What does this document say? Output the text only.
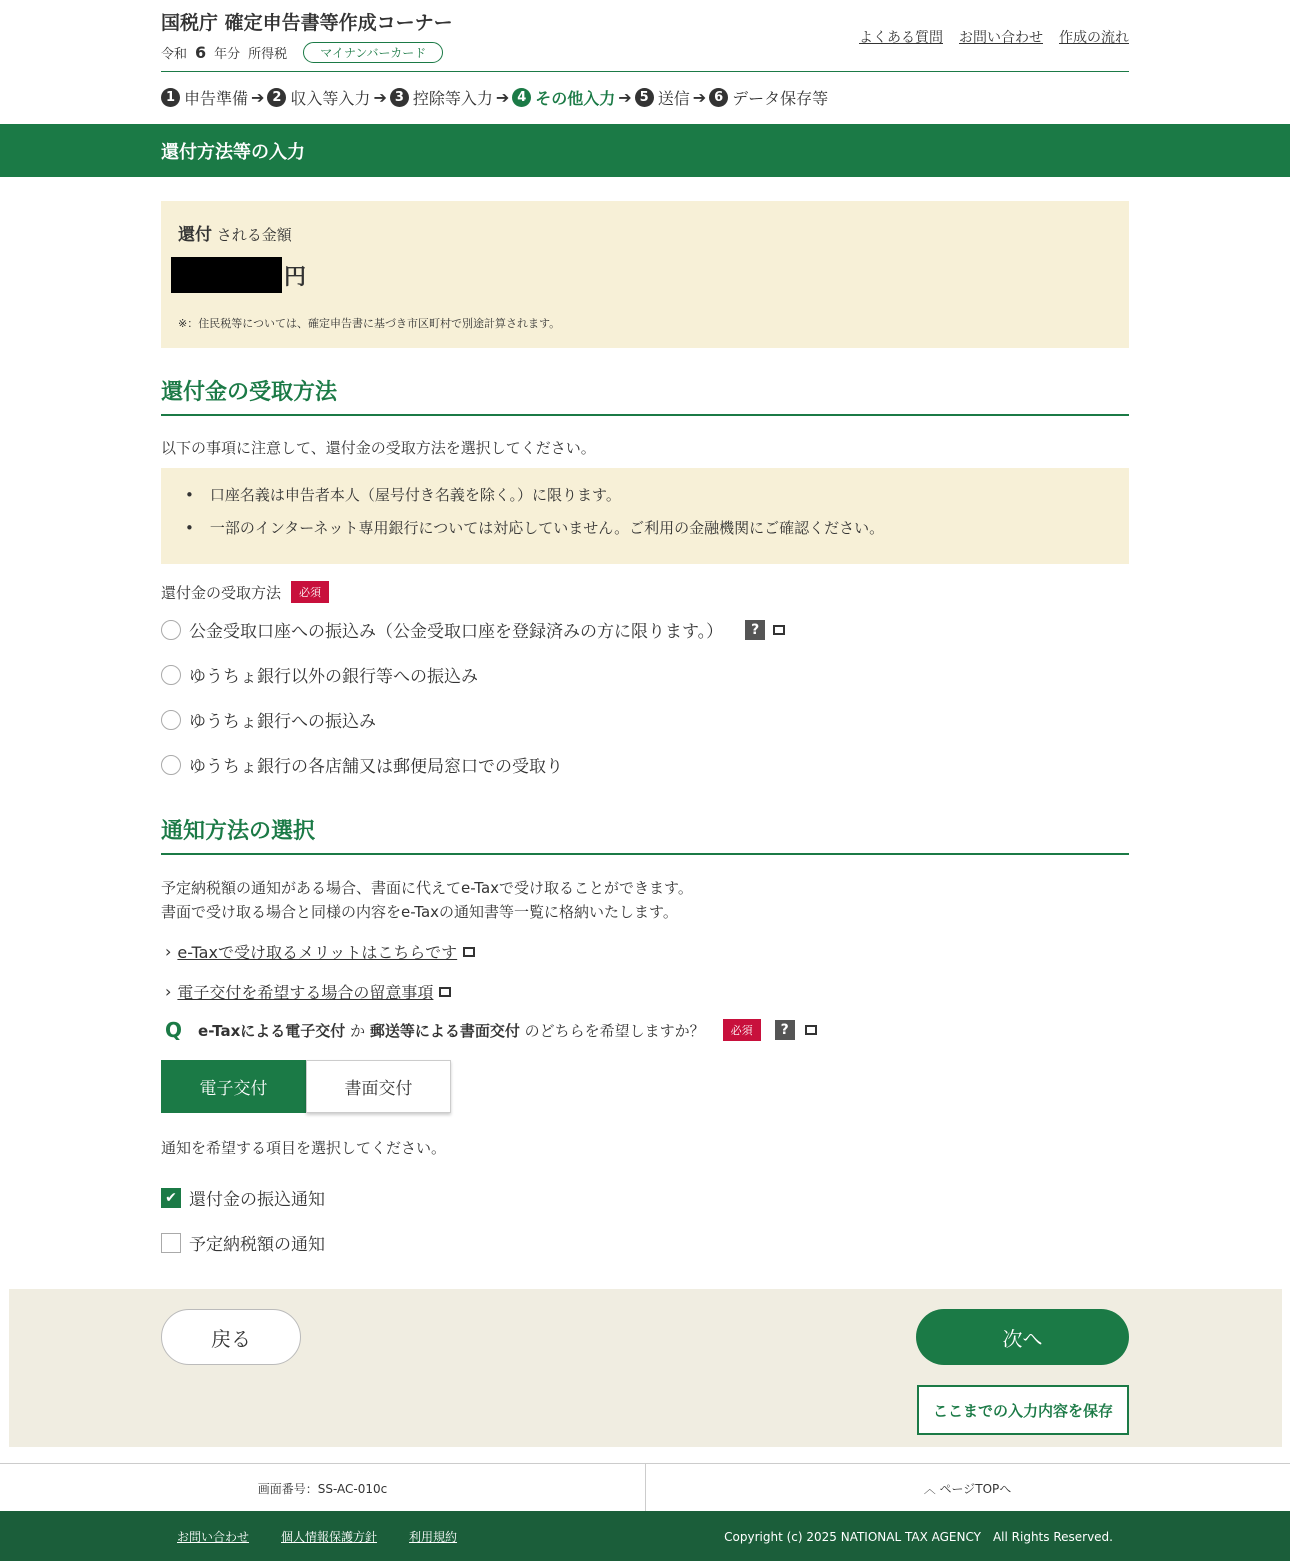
国税庁 確定申告書等作成コーナー
令和 6 年分 所得税	マイナンバーカード
よくある質問 お問い合わせ 作成の流れ
1 申告準備 ➔ 2 収入等入力 ➔ 3 控除等入力 ➔ 4 その他入力 ➔ 5 送信 ➔ 6 データ保存等
還付方法等の入力
還付 される金額
円
※：住民税等については、確定申告書に基づき市区町村で別途計算されます。
還付金の受取方法
以下の事項に注意して、還付金の受取方法を選択してください。
• 口座名義は申告者本人（屋号付き名義を除く。）に限ります。
• 一部のインターネット専用銀行については対応していません。ご利用の金融機関にご確認ください。
還付金の受取方法	必須
公金受取口座への振込み（公金受取口座を登録済みの方に限ります。）	?
ゆうちょ銀行以外の銀行等への振込み
ゆうちょ銀行への振込み
ゆうちょ銀行の各店舗又は郵便局窓口での受取り
通知方法の選択
予定納税額の通知がある場合、書面に代えてe-Taxで受け取ることができます。
書面で受け取る場合と同様の内容をe-Taxの通知書等一覧に格納いたします。
› e-Taxで受け取るメリットはこちらです
› 電子交付を希望する場合の留意事項
Q e-Taxによる電子交付 か 郵送等による書面交付 のどちらを希望しますか？	必須	?
電子交付	書面交付
通知を希望する項目を選択してください。
✔ 還付金の振込通知
予定納税額の通知
戻る	次へ
ここまでの入力内容を保存
画面番号：SS-AC-010c	︿ ページTOPへ
お問い合わせ	個人情報保護方針	利用規約	Copyright (c) 2025 NATIONAL TAX AGENCY　All Rights Reserved.
